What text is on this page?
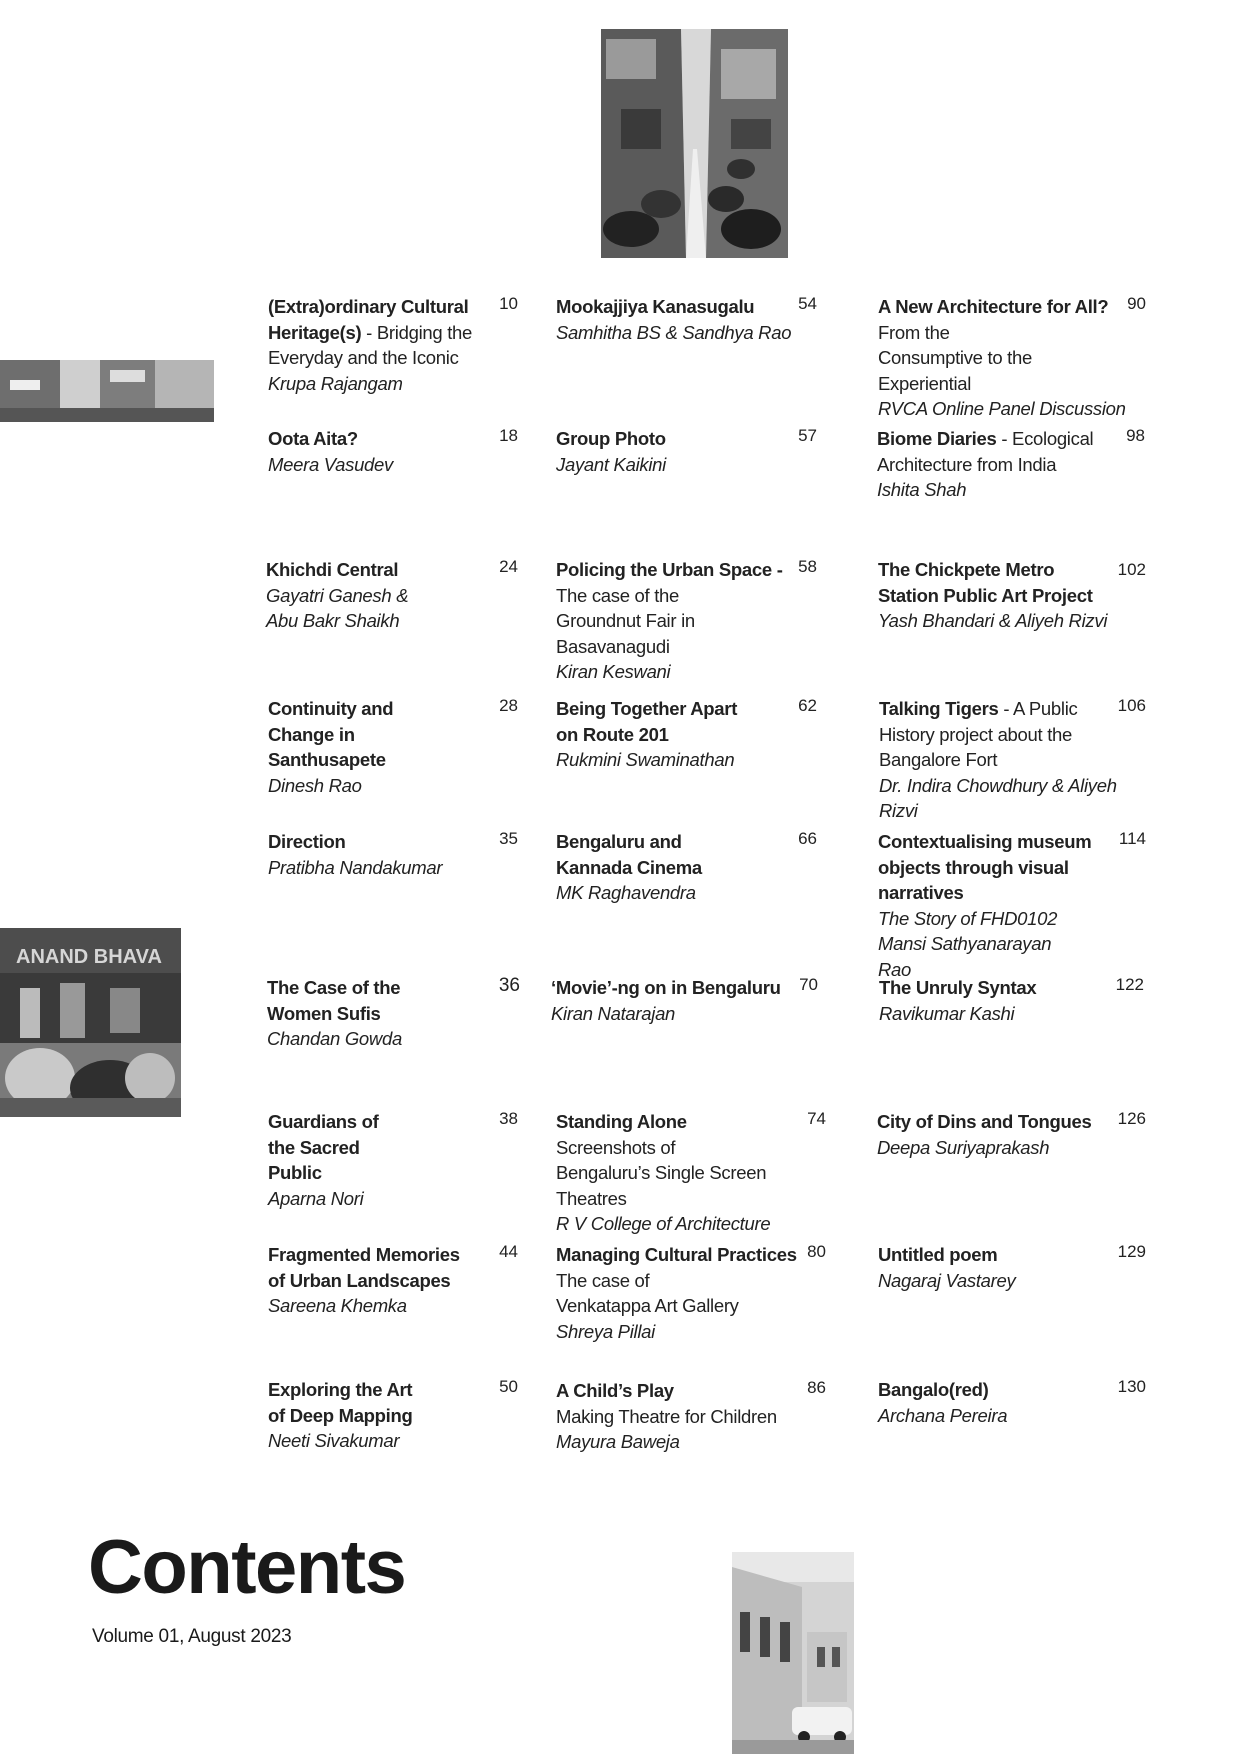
ANAND BHAVA
(Extra)ordinary Cultural Heritage(s) - Bridging the Everyday and the Iconic
Krupa Rajangam
10
Oota Aita?
Meera Vasudev
18
Khichdi Central
Gayatri Ganesh & Abu Bakr Shaikh
24
Continuity and Change in Santhusapete
Dinesh Rao
28
Direction
Pratibha Nandakumar
35
The Case of the Women Sufis
Chandan Gowda
36
Guardians of the Sacred Public
Aparna Nori
38
Fragmented Memories of Urban Landscapes
Sareena Khemka
44
Exploring the Art of Deep Mapping
Neeti Sivakumar
50
Mookajjiya Kanasugalu
Samhitha BS & Sandhya Rao
54
Group Photo
Jayant Kaikini
57
Policing the Urban Space -
The case of the Groundnut Fair in Basavanagudi
Kiran Keswani
58
Being Together Apart on Route 201
Rukmini Swaminathan
62
Bengaluru and Kannada Cinema
MK Raghavendra
66
‘Movie’-ng on in Bengaluru
Kiran Natarajan
70
Standing Alone
Screenshots of Bengaluru’s Single Screen Theatres
R V College of Architecture
74
Managing Cultural Practices
The case of Venkatappa Art Gallery
Shreya Pillai
80
A Child’s Play
Making Theatre for Children
Mayura Baweja
86
A New Architecture for All?
From the Consumptive to the Experiential
RVCA Online Panel Discussion
90
Biome Diaries - Ecological Architecture from India
Ishita Shah
98
The Chickpete Metro Station Public Art Project
Yash Bhandari & Aliyeh Rizvi
102
Talking Tigers - A Public History project about the Bangalore Fort
Dr. Indira Chowdhury & Aliyeh Rizvi
106
Contextualising museum objects through visual narratives
The Story of FHD0102 Mansi Sathyanarayan Rao
114
The Unruly Syntax
Ravikumar Kashi
122
City of Dins and Tongues
Deepa Suriyaprakash
126
Untitled poem
Nagaraj Vastarey
129
Bangalo(red)
Archana Pereira
130
Contents
Volume 01, August 2023
